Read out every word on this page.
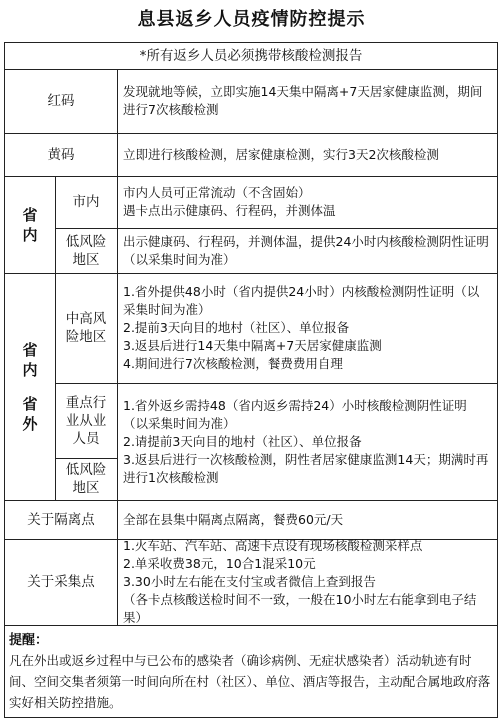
息县返乡人员疫情防控提示
*所有返乡人员必须携带核酸检测报告
红码
发现就地等候，立即实施14天集中隔离+7天居家健康监测，期间进行7次核酸检测
黄码	立即进行核酸检测，居家健康检测，实行3天2次核酸检测
省内
市内
市内人员可正常流动（不含固始）
遇卡点出示健康码、行程码，并测体温
低风险地区
出示健康码、行程码，并测体温，提供24小时内核酸检测阴性证明（以采集时间为准）
省内
省外
中高风险地区
1.省外提供48小时（省内提供24小时）内核酸检测阴性证明（以采集时间为准）
2.提前3天向目的地村（社区）、单位报备
3.返县后进行14天集中隔离+7天居家健康监测
4.期间进行7次核酸检测，餐费费用自理
重点行业从业人员
低风险地区
1.省外返乡需持48（省内返乡需持24）小时核酸检测阴性证明（以采集时间为准）
2.请提前3天向目的地村（社区）、单位报备
3.返县后进行一次核酸检测，阴性者居家健康监测14天；期满时再进行1次核酸检测
关于隔离点	全部在县集中隔离点隔离，餐费60元/天
关于采集点
1.火车站、汽车站、高速卡点设有现场核酸检测采样点
2.单采收费38元，10合1混采10元
3.30小时左右能在支付宝或者微信上查到报告
（各卡点核酸送检时间不一致，一般在10小时左右能拿到电子结果）
提醒：
凡在外出或返乡过程中与已公布的感染者（确诊病例、无症状感染者）活动轨迹有时间、空间交集者须第一时间向所在村（社区）、单位、酒店等报告，主动配合属地政府落实好相关防控措施。
